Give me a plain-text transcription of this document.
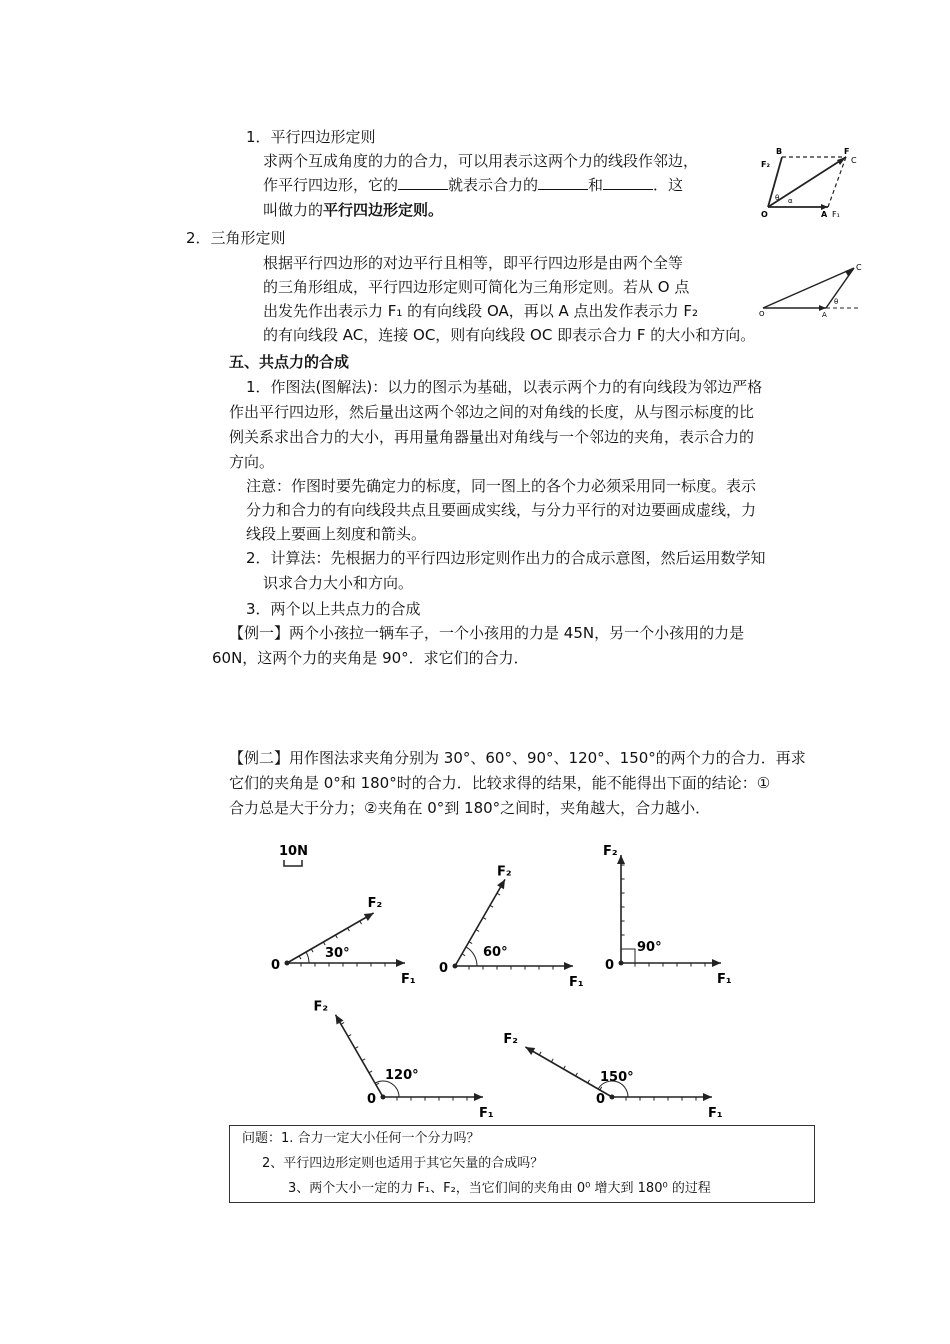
1．平行四边形定则
求两个互成角度的力的合力，可以用表示这两个力的线段作邻边，
作平行四边形，它的	就表示合力的	和	．这
叫做力的平行四边形定则。
B
F₂
F
C
O
θ α
A F₁
2．三角形定则
根据平行四边形的对边平行且相等，即平行四边形是由两个全等
的三角形组成，平行四边形定则可简化为三角形定则。若从 O 点
出发先作出表示力 F₁ 的有向线段 OA，再以 A 点出发作表示力 F₂
的有向线段 AC，连接 OC，则有向线段 OC 即表示合力 F 的大小和方向。
C
O	A
θ
五、共点力的合成
1．作图法(图解法)：以力的图示为基础，以表示两个力的有向线段为邻边严格
作出平行四边形，然后量出这两个邻边之间的对角线的长度，从与图示标度的比
例关系求出合力的大小，再用量角器量出对角线与一个邻边的夹角，表示合力的
方向。
注意：作图时要先确定力的标度，同一图上的各个力必须采用同一标度。表示
分力和合力的有向线段共点且要画成实线，与分力平行的对边要画成虚线，力
线段上要画上刻度和箭头。
2．计算法：先根据力的平行四边形定则作出力的合成示意图，然后运用数学知
识求合力大小和方向。
3．两个以上共点力的合成
【例一】两个小孩拉一辆车子，一个小孩用的力是 45N，另一个小孩用的力是
60N，这两个力的夹角是 90°．求它们的合力．
【例二】用作图法求夹角分别为 30°、60°、90°、120°、150°的两个力的合力．再求
它们的夹角是 0°和 180°时的合力．比较求得的结果，能不能得出下面的结论：①
合力总是大于分力；②夹角在 0°到 180°之间时，夹角越大，合力越小．
10N
0
F₁
F₂
30°
0
F₁
F₂
60°
0
F₁
F₂
90°
0
F₁
F₂
120°
0
F₁
F₂
150°
问题：1. 合力一定大小任何一个分力吗？
2、平行四边形定则也适用于其它矢量的合成吗？
3、两个大小一定的力 F₁、F₂，当它们间的夹角由 0⁰ 增大到 180⁰ 的过程
